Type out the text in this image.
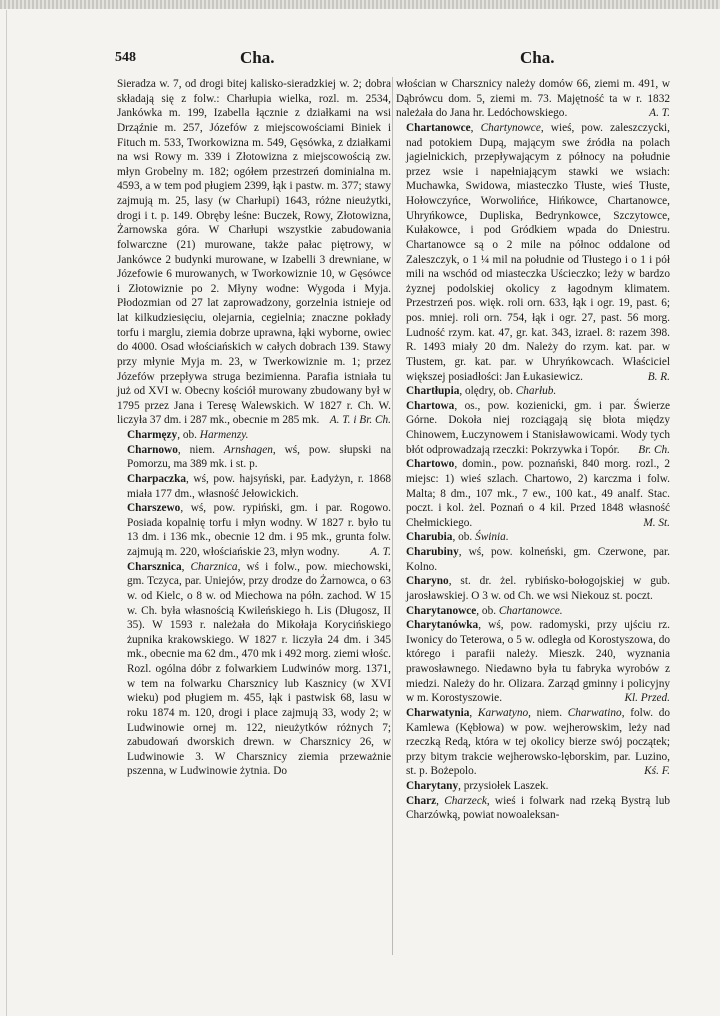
548	Cha.	Cha.

Sieradza w. 7, od drogi bitej kalisko-sieradzkiej w. 2; dobra składają się z folw.: Charłupia wielka, rozl. m. 2534, Jankówka m. 199, Izabella łącznie z działkami na wsi Drząźnie m. 257, Józefów z miejscowościami Biniek i Fituch m. 533, Tworkowizna m. 549, Gęsówka, z działkami na wsi Rowy m. 339 i Złotowizna z miejscowością zw. młyn Grobelny m. 182; ogółem przestrzeń dominialna m. 4593, a w tem pod pługiem 2399, łąk i pastw. m. 377; stawy zajmują m. 25, lasy (w Charłupi) 1643, różne nieużytki, drogi i t. p. 149. Obręby leśne: Buczek, Rowy, Złotowizna, Żarnowska góra. W Charłupi wszystkie zabudowania folwarczne (21) murowane, także pałac piętrowy, w Jankówce 2 budynki murowane, w Izabelli 3 drewniane, w Józefowie 6 murowanych, w Tworkowiznie 10, w Gęsówce i Złotowiznie po 2. Młyny wodne: Wygoda i Myja. Płodozmian od 27 lat zaprowadzony, gorzelnia istnieje od lat kilkudziesięciu, olejarnia, cegielnia; znaczne pokłady torfu i marglu, ziemia dobrze uprawna, łąki wyborne, owiec do 4000. Osad włościańskich w całych dobrach 139. Stawy przy młynie Myja m. 23, w Twerkowiznie m. 1; przez Józefów przepływa struga bezimienna. Parafia istniała tu już od XVI w. Obecny kościół murowany zbudowany był w 1795 przez Jana i Teresę Walewskich. W 1827 r. Ch. W. liczyła 37 dm. i 287 mk., obecnie m 285 mk. A. T. i Br. Ch.

Charmęzy, ob. Harmenzy.

Charnowo, niem. Arnshagen, wś, pow. słupski na Pomorzu, ma 389 mk. i st. p.

Charpaczka, wś, pow. hajsyński, par. Ładyżyn, r. 1868 miała 177 dm., własność Jełowickich.

Charszewo, wś, pow. rypiński, gm. i par. Rogowo. Posiada kopalnię torfu i młyn wodny. W 1827 r. było tu 13 dm. i 136 mk., obecnie 12 dm. i 95 mk., grunta folw. zajmują m. 220, włościańskie 23, młyn wodny.	A. T.

Charsznica, Charznica, wś i folw., pow. miechowski, gm. Tczyca, par. Uniejów, przy drodze do Żarnowca, o 63 w. od Kielc, o 8 w. od Miechowa na półn. zachod. W 15 w. Ch. była własnością Kwileńskiego h. Lis (Długosz, II 35). W 1593 r. należała do Mikołaja Korycińskiego żupnika krakowskiego. W 1827 r. liczyła 24 dm. i 345 mk., obecnie ma 62 dm., 470 mk i 492 morg. ziemi włośc. Rozl. ogólna dóbr z folwarkiem Ludwinów morg. 1371, w tem na folwarku Charsznicy lub Kasznicy (w XVI wieku) pod pługiem m. 455, łąk i pastwisk 68, lasu w roku 1874 m. 120, drogi i place zajmują 33, wody 2; w Ludwinowie ornej m. 122, nieużytków różnych 7; zabudowań dworskich drewn. w Charsznicy 26, w Ludwinowie 3. W Charsznicy ziemia przeważnie pszenna, w Ludwinowie żytnia. Do

włościan w Charsznicy należy domów 66, ziemi m. 491, w Dąbrówcu dom. 5, ziemi m. 73. Majętność ta w r. 1832 należała do Jana hr. Ledóchowskiego.	A. T.

Chartanowce, Chartynowce, wieś, pow. zaleszczycki, nad potokiem Dupą, mającym swe źródła na polach jagielnickich, przepływającym z północy na południe przez wsie i napełniającym stawki we wsiach: Muchawka, Swidowa, miasteczko Tłuste, wieś Tłuste, Hołowczyńce, Worwolińce, Hińkowce, Chartanowce, Uhryńkowce, Dupliska, Bedrynkowce, Szczytowce, Kułakowce, i pod Gródkiem wpada do Dniestru. Chartanowce są o 2 mile na północ oddalone od Zaleszczyk, o 1 ¼ mil na południe od Tłustego i o 1 i pół mili na wschód od miasteczka Uścieczko; leży w bardzo żyznej podolskiej okolicy z łagodnym klimatem. Przestrzeń pos. więk. roli orn. 633, łąk i ogr. 19, past. 6; pos. mniej. roli orn. 754, łąk i ogr. 27, past. 56 morg. Ludność rzym. kat. 47, gr. kat. 343, izrael. 8: razem 398. R. 1493 miały 20 dm. Należy do rzym. kat. par. w Tłustem, gr. kat. par. w Uhryńkowcach. Właściciel większej posiadłości: Jan Łukasiewicz.	B. R.

Chartłupia, olędry, ob. Charłub.

Chartowa, os., pow. kozienicki, gm. i par. Świerze Górne. Dokoła niej rozciągają się błota między Chinowem, Łuczynowem i Stanisławowicami. Wody tych błót odprowadzają rzeczki: Pokrzywka i Topór.	Br. Ch.

Chartowo, domin., pow. poznański, 840 morg. rozl., 2 miejsc: 1) wieś szlach. Chartowo, 2) karczma i folw. Malta; 8 dm., 107 mk., 7 ew., 100 kat., 49 analf. Stac. poczt. i kol. żel. Poznań o 4 kil. Przed 1848 własność Chełmickiego.	M. St.

Charubia, ob. Świnia.

Charubiny, wś, pow. kolneński, gm. Czerwone, par. Kolno.

Charyno, st. dr. żel. rybińsko-bołogojskiej w gub. jarosławskiej. O 3 w. od Ch. we wsi Niekouz st. poczt.

Charytanowce, ob. Chartanowce.

Charytanówka, wś, pow. radomyski, przy ujściu rz. Iwonicy do Teterowa, o 5 w. odległa od Korostyszowa, do którego i parafii należy. Mieszk. 240, wyznania prawosławnego. Niedawno była tu fabryka wyrobów z miedzi. Należy do hr. Olizara. Zarząd gminny i policyjny w m. Korostyszowie.	Kl. Przed.

Charwatynia, Karwatyno, niem. Charwatino, folw. do Kamlewa (Kębłowa) w pow. wejherowskim, leży nad rzeczką Redą, która w tej okolicy bierze swój początek; przy bitym trakcie wejherowsko-lęborskim, par. Luzino, st. p. Bożepolo.	Kś. F.

Charytany, przysiołek Laszek.

Charz, Charzeck, wieś i folwark nad rzeką Bystrą lub Charzówką, powiat nowoaleksan-
